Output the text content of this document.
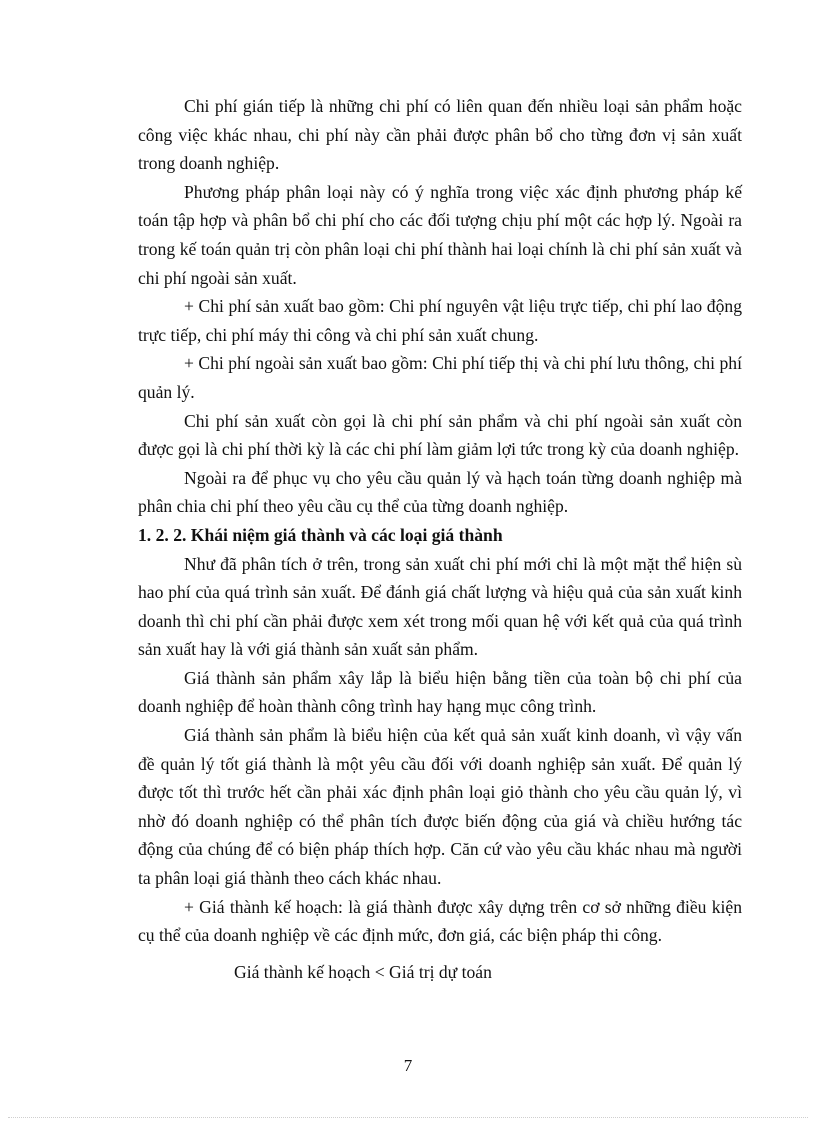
Chi phí gián tiếp là những chi phí có liên quan đến nhiều loại sản phẩm hoặc công việc khác nhau, chi phí này cần phải được phân bổ cho từng đơn vị sản xuất trong doanh nghiệp.

Phương pháp phân loại này có ý nghĩa trong việc xác định phương pháp kế toán tập hợp và phân bổ chi phí cho các đối tượng chịu phí một các hợp lý. Ngoài ra trong kế toán quản trị còn phân loại chi phí thành hai loại chính là chi phí sản xuất và chi phí ngoài sản xuất.

+ Chi phí sản xuất bao gồm: Chi phí nguyên vật liệu trực tiếp, chi phí lao động trực tiếp, chi phí máy thi công và chi phí sản xuất chung.

+ Chi phí ngoài sản xuất bao gồm: Chi phí tiếp thị và chi phí lưu thông, chi phí quản lý.

Chi phí sản xuất còn gọi là chi phí sản phẩm và chi phí ngoài sản xuất còn được gọi là chi phí thời kỳ là các chi phí làm giảm lợi tức trong kỳ của doanh nghiệp.

Ngoài ra để phục vụ cho yêu cầu quản lý và hạch toán từng doanh nghiệp mà phân chia chi phí theo yêu cầu cụ thể của từng doanh nghiệp.

1. 2. 2. Khái niệm giá thành và các loại giá thành

Như đã phân tích ở trên, trong sản xuất chi phí mới chỉ là một mặt thể hiện sù hao phí của quá trình sản xuất. Để đánh giá chất lượng và hiệu quả của sản xuất kinh doanh thì chi phí cần phải được xem xét trong mối quan hệ với kết quả của quá trình sản xuất hay là với giá thành sản xuất sản phẩm.

Giá thành sản phẩm xây lắp là biểu hiện bằng tiền của toàn bộ chi phí của doanh nghiệp để hoàn thành công trình hay hạng mục công trình.

Giá thành sản phẩm là biểu hiện của kết quả sản xuất kinh doanh, vì vậy vấn đề quản lý tốt giá thành là một yêu cầu đối với doanh nghiệp sản xuất. Để quản lý được tốt thì trước hết cần phải xác định phân loại giỏ thành cho yêu cầu quản lý, vì nhờ đó doanh nghiệp có thể phân tích được biến động của giá và chiều hướng tác động của chúng để có biện pháp thích hợp. Căn cứ vào yêu cầu khác nhau mà người ta phân loại giá thành theo cách khác nhau.

+ Giá thành kế hoạch: là giá thành được xây dựng trên cơ sở những điều kiện cụ thể của doanh nghiệp về các định mức, đơn giá, các biện pháp thi công.

Giá thành kế hoạch < Giá trị dự toán

7
